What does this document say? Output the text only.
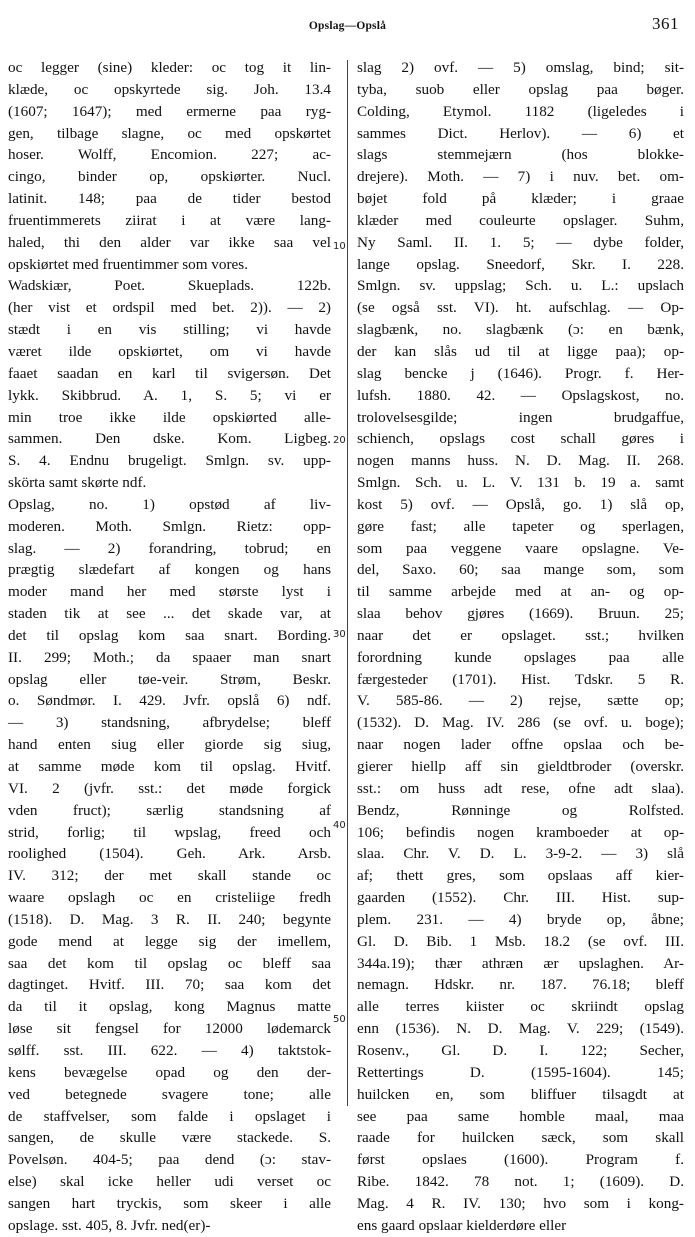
Opslag—Opslå	361
oc legger (sine) kleder: oc tog it lin-
klæde, oc opskyrtede sig. Joh. 13.4
(1607; 1647); med ermerne paa ryg-
gen, tilbage slagne, oc med opskørtet
hoser. Wolff, Encomion. 227; ac-
cingo, binder op, opskiørter. Nucl.
latinit. 148; paa de tider bestod
fruentimmerets ziirat i at være lang-
haled, thi den alder var ikke saa vel
opskiørtet med fruentimmer som vores.
Wadskiær, Poet. Skueplads. 122b.
(her vist et ordspil med bet. 2)). — 2)
stædt i en vis stilling; vi havde
været ilde opskiørtet, om vi havde
faaet saadan en karl til svigersøn. Det
lykk. Skibbrud. A. 1, S. 5; vi er
min troe ikke ilde opskiørted alle-
sammen. Den dske. Kom. Ligbeg.
S. 4. Endnu brugeligt. Smlgn. sv. upp-
skörta samt skørte ndf.
Opslag, no. 1) opstød af liv-
moderen. Moth. Smlgn. Rietz: opp-
slag. — 2) forandring, tobrud; en
prægtig slædefart af kongen og hans
moder mand her med største lyst i
staden tik at see ... det skade var, at
det til opslag kom saa snart. Bording.
II. 299; Moth.; da spaaer man snart
opslag eller tøe-veir. Strøm, Beskr.
o. Søndmør. I. 429. Jvfr. opslå 6) ndf.
— 3) standsning, afbrydelse; bleff
hand enten siug eller giorde sig siug,
at samme møde kom til opslag. Hvitf.
VI. 2 (jvfr. sst.: det møde forgick
vden fruct); særlig standsning af
strid, forlig; til wpslag, freed och
roolighed (1504). Geh. Ark. Arsb.
IV. 312; der met skall stande oc
waare opslagh oc en cristeliige fredh
(1518). D. Mag. 3 R. II. 240; begynte
gode mend at legge sig der imellem,
saa det kom til opslag oc bleff saa
dagtinget. Hvitf. III. 70; saa kom det
da til it opslag, kong Magnus matte
løse sit fengsel for 12000 lødemarck
sølff. sst. III. 622. — 4) taktstok-
kens bevægelse opad og den der-
ved betegnede svagere tone; alle
de staffvelser, som falde i opslaget i
sangen, de skulle være stackede. S.
Povelsøn. 404-5; paa dend (ɔ: stav-
else) skal icke heller udi verset oc
sangen hart tryckis, som skeer i alle
opslage. sst. 405, 8. Jvfr. ned(er)-
slag 2) ovf. — 5) omslag, bind; sit-
tyba, suob eller opslag paa bøger.
Colding, Etymol. 1182 (ligeledes i
sammes Dict. Herlov). — 6) et
slags stemmejærn (hos blokke-
drejere). Moth. — 7) i nuv. bet. om-
bøjet fold på klæder; i graae
klæder med couleurte opslager. Suhm,
Ny Saml. II. 1. 5; — dybe folder,
lange opslag. Sneedorf, Skr. I. 228.
Smlgn. sv. uppslag; Sch. u. L.: upslach
(se også sst. VI). ht. aufschlag. — Op-
slagbænk, no. slagbænk (ɔ: en bænk,
der kan slås ud til at ligge paa); op-
slag bencke j (1646). Progr. f. Her-
lufsh. 1880. 42. — Opslagskost, no.
trolovelsesgilde; ingen brudgaffue,
schiench, opslags cost schall gøres i
nogen manns huss. N. D. Mag. II. 268.
Smlgn. Sch. u. L. V. 131 b. 19 a. samt
kost 5) ovf. — Opslå, go. 1) slå op,
gøre fast; alle tapeter og sperlagen,
som paa veggene vaare opslagne. Ve-
del, Saxo. 60; saa mange som, som
til samme arbejde med at an- og op-
slaa behov gjøres (1669). Bruun. 25;
naar det er opslaget. sst.; hvilken
forordning kunde opslages paa alle
færgesteder (1701). Hist. Tdskr. 5 R.
V. 585-86. — 2) rejse, sætte op;
(1532). D. Mag. IV. 286 (se ovf. u. boge);
naar nogen lader offne opslaa och be-
gierer hiellp aff sin gieldtbroder (overskr.
sst.: om huss adt rese, ofne adt slaa).
Bendz, Rønninge og Rolfsted.
106; befindis nogen kramboeder at op-
slaa. Chr. V. D. L. 3-9-2. — 3) slå
af; thett gres, som opslaas aff kier-
gaarden (1552). Chr. III. Hist. sup-
plem. 231. — 4) bryde op, åbne;
Gl. D. Bib. 1 Msb. 18.2 (se ovf. III.
344a.19); thær athræn ær upslaghen. Ar-
nemagn. Hdskr. nr. 187. 76.18; bleff
alle terres kiister oc skriindt opslag
enn (1536). N. D. Mag. V. 229; (1549).
Rosenv., Gl. D. I. 122; Secher,
Rettertings D. (1595-1604). 145;
huilcken en, som bliffuer tilsagdt at
see paa same homble maal, maa
raade for huilcken sæck, som skall
først opslaes (1600). Program f.
Ribe. 1842. 78 not. 1; (1609). D.
Mag. 4 R. IV. 130; hvo som i kong-
ens gaard opslaar kielderdøre eller
10
20
30
40
50
